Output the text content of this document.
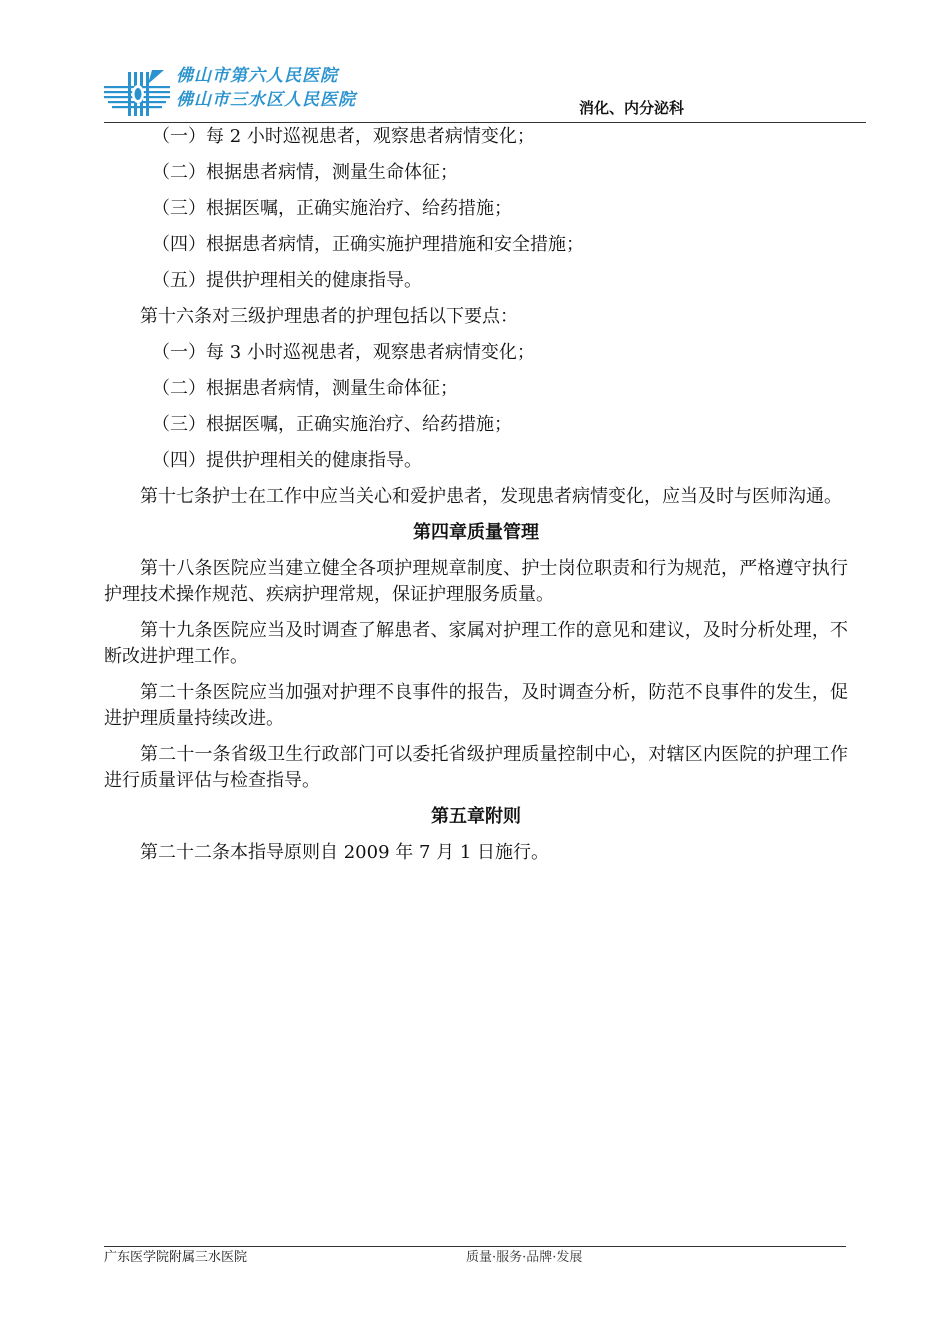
佛山市第六人民医院
佛山市三水区人民医院	消化、内分泌科

（一）每 2 小时巡视患者，观察患者病情变化；

（二）根据患者病情，测量生命体征；

（三）根据医嘱，正确实施治疗、给药措施；

（四）根据患者病情，正确实施护理措施和安全措施；

（五）提供护理相关的健康指导。

第十六条对三级护理患者的护理包括以下要点：

（一）每 3 小时巡视患者，观察患者病情变化；

（二）根据患者病情，测量生命体征；

（三）根据医嘱，正确实施治疗、给药措施；

（四）提供护理相关的健康指导。

第十七条护士在工作中应当关心和爱护患者，发现患者病情变化，应当及时与医师沟通。

第四章质量管理

第十八条医院应当建立健全各项护理规章制度、护士岗位职责和行为规范，严格遵守执行护理技术操作规范、疾病护理常规，保证护理服务质量。

第十九条医院应当及时调查了解患者、家属对护理工作的意见和建议，及时分析处理，不断改进护理工作。

第二十条医院应当加强对护理不良事件的报告，及时调查分析，防范不良事件的发生，促进护理质量持续改进。

第二十一条省级卫生行政部门可以委托省级护理质量控制中心，对辖区内医院的护理工作进行质量评估与检查指导。

第五章附则

第二十二条本指导原则自 2009 年 7 月 1 日施行。

广东医学院附属三水医院	质量·服务·品牌·发展
